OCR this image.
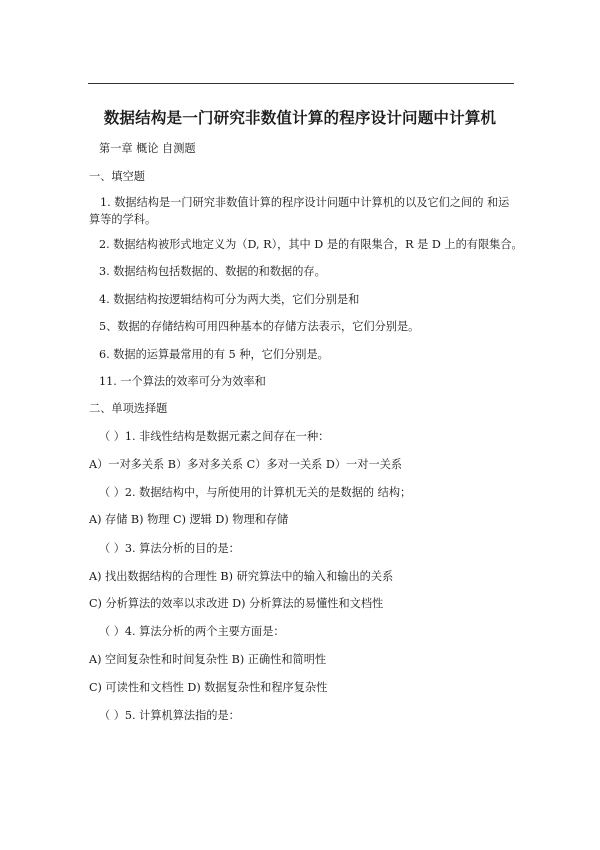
数据结构是一门研究非数值计算的程序设计问题中计算机
第一章 概论 自测题
一、填空题
1. 数据结构是一门研究非数值计算的程序设计问题中计算机的以及它们之间的 和运算等的学科。
2. 数据结构被形式地定义为（D, R），其中 D 是的有限集合，R 是 D 上的有限集合。
3. 数据结构包括数据的、数据的和数据的存。
4. 数据结构按逻辑结构可分为两大类，它们分别是和
5、数据的存储结构可用四种基本的存储方法表示，它们分别是。
6. 数据的运算最常用的有 5 种，它们分别是。
11. 一个算法的效率可分为效率和
二、单项选择题
（ ）1. 非线性结构是数据元素之间存在一种：
A）一对多关系 B）多对多关系 C）多对一关系 D）一对一关系
（ ）2. 数据结构中，与所使用的计算机无关的是数据的 结构；
A) 存储 B) 物理 C) 逻辑 D) 物理和存储
（ ）3. 算法分析的目的是：
A) 找出数据结构的合理性 B) 研究算法中的输入和输出的关系
C) 分析算法的效率以求改进 D) 分析算法的易懂性和文档性
（ ）4. 算法分析的两个主要方面是：
A) 空间复杂性和时间复杂性 B) 正确性和简明性
C) 可读性和文档性 D) 数据复杂性和程序复杂性
（ ）5. 计算机算法指的是：
